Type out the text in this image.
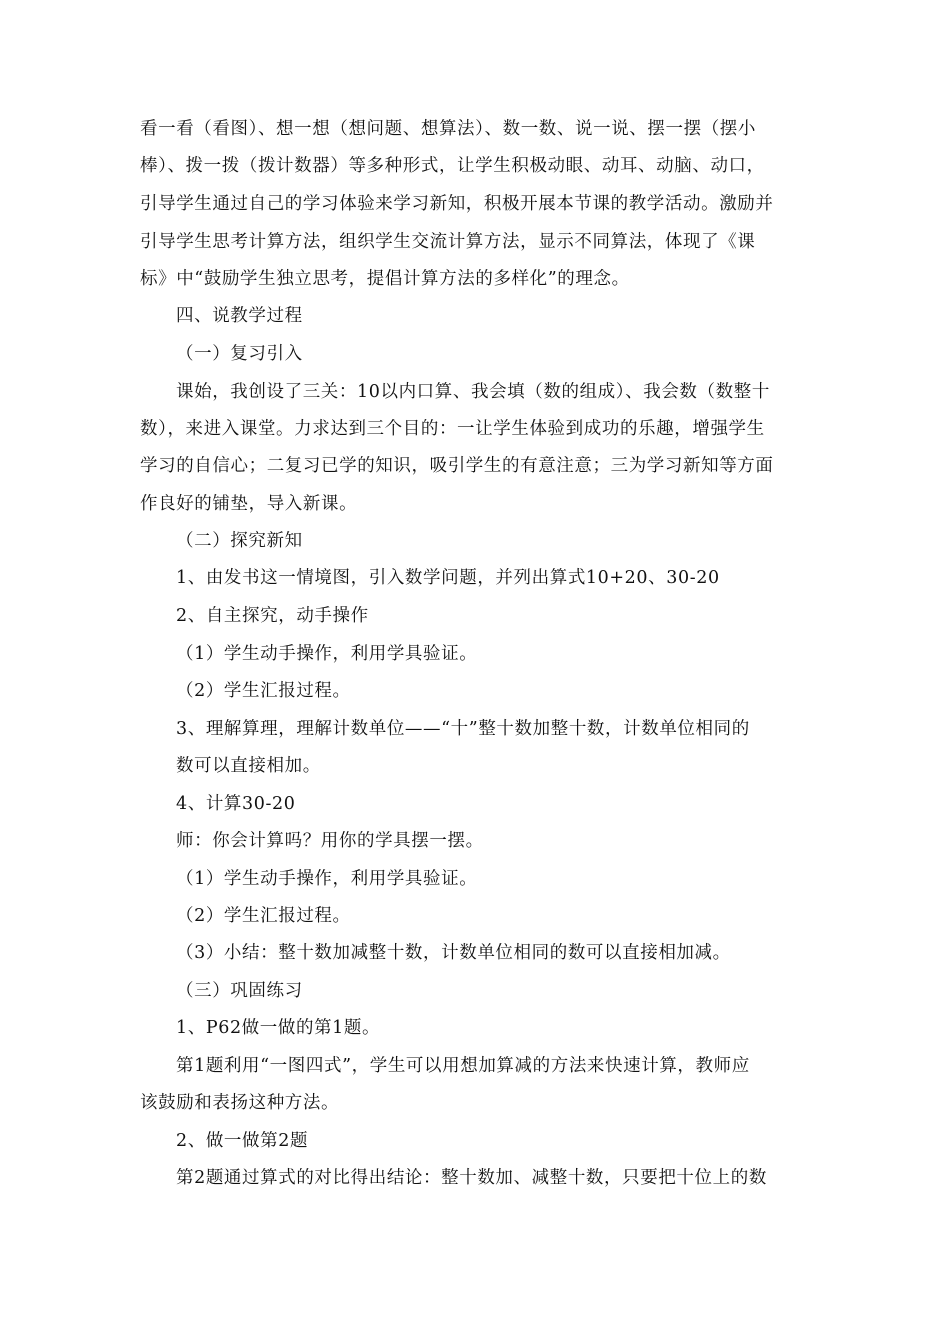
看一看（看图）、想一想（想问题、想算法）、数一数、说一说、摆一摆（摆小
棒）、拨一拨（拨计数器）等多种形式，让学生积极动眼、动耳、动脑、动口，
引导学生通过自己的学习体验来学习新知，积极开展本节课的教学活动。激励并
引导学生思考计算方法，组织学生交流计算方法，显示不同算法，体现了《课
标》中“鼓励学生独立思考，提倡计算方法的多样化”的理念。
四、说教学过程
（一）复习引入
课始，我创设了三关：10以内口算、我会填（数的组成）、我会数（数整十
数），来进入课堂。力求达到三个目的：一让学生体验到成功的乐趣，增强学生
学习的自信心；二复习已学的知识，吸引学生的有意注意；三为学习新知等方面
作良好的铺垫，导入新课。
（二）探究新知
1、由发书这一情境图，引入数学问题，并列出算式10+20、30-20
2、自主探究，动手操作
（1）学生动手操作，利用学具验证。
（2）学生汇报过程。
3、理解算理，理解计数单位——“十”整十数加整十数，计数单位相同的
数可以直接相加。
4、计算30-20
师：你会计算吗？用你的学具摆一摆。
（1）学生动手操作，利用学具验证。
（2）学生汇报过程。
（3）小结：整十数加减整十数，计数单位相同的数可以直接相加减。
（三）巩固练习
1、P62做一做的第1题。
第1题利用“一图四式”，学生可以用想加算减的方法来快速计算，教师应
该鼓励和表扬这种方法。
2、做一做第2题
第2题通过算式的对比得出结论：整十数加、减整十数，只要把十位上的数
